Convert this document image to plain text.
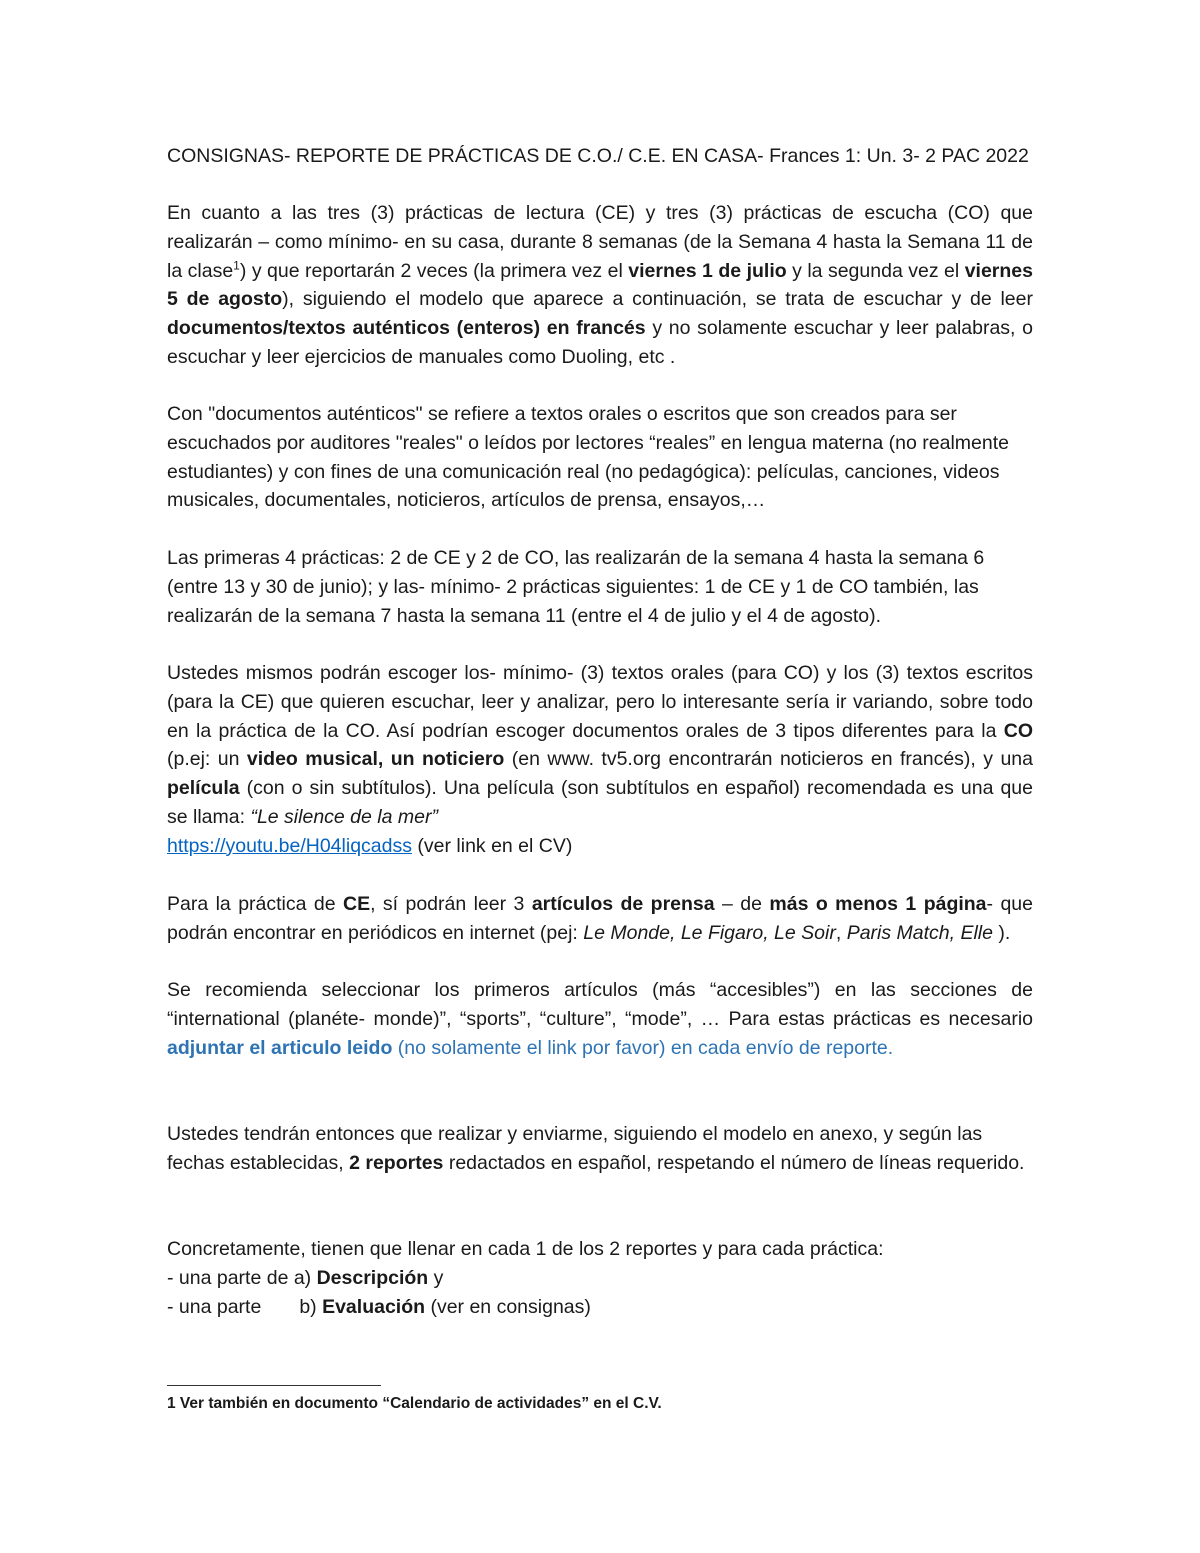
CONSIGNAS- REPORTE DE PRÁCTICAS DE C.O./ C.E. EN CASA- Frances 1: Un. 3- 2 PAC 2022
En cuanto a las tres (3) prácticas de lectura (CE) y tres (3) prácticas de escucha (CO) que realizarán – como mínimo- en su casa, durante 8 semanas (de la Semana 4 hasta la Semana 11 de la clase$^1$) y que reportarán 2 veces (la primera vez el viernes 1 de julio y la segunda vez el viernes 5 de agosto), siguiendo el modelo que aparece a continuación, se trata de escuchar y de leer documentos/textos auténticos (enteros) en francés y no solamente escuchar y leer palabras, o escuchar y leer ejercicios de manuales como Duoling, etc .
Con "documentos auténticos" se refiere a textos orales o escritos que son creados para ser escuchados por auditores "reales" o leídos por lectores “reales” en lengua materna (no realmente estudiantes) y con fines de una comunicación real (no pedagógica): películas, canciones, videos musicales, documentales, noticieros, artículos de prensa, ensayos,…
Las primeras 4 prácticas: 2 de CE y 2 de CO, las realizarán de la semana 4 hasta la semana 6 (entre 13 y 30 de junio); y las- mínimo- 2 prácticas siguientes: 1 de CE y 1 de CO también, las realizarán de la semana 7 hasta la semana 11 (entre el 4 de julio y el 4 de agosto).
Ustedes mismos podrán escoger los- mínimo- (3) textos orales (para CO) y los (3) textos escritos (para la CE) que quieren escuchar, leer y analizar, pero lo interesante sería ir variando, sobre todo en la práctica de la CO. Así podrían escoger documentos orales de 3 tipos diferentes para la CO (p.ej: un video musical, un noticiero (en www. tv5.org encontrarán noticieros en francés), y una película (con o sin subtítulos). Una película (son subtítulos en español) recomendada es una que se llama: “Le silence de la mer”
https://youtu.be/H04liqcadss (ver link en el CV)
Para la práctica de CE, sí podrán leer 3 artículos de prensa – de más o menos 1 página- que podrán encontrar en periódicos en internet (pej: Le Monde, Le Figaro, Le Soir, Paris Match, Elle ).
Se recomienda seleccionar los primeros artículos (más “accesibles”) en las secciones de “international (planéte- monde)”, “sports”, “culture”, “mode”, … Para estas prácticas es necesario adjuntar el articulo leido (no solamente el link por favor) en cada envío de reporte.
Ustedes tendrán entonces que realizar y enviarme, siguiendo el modelo en anexo, y según las fechas establecidas, 2 reportes redactados en español, respetando el número de líneas requerido.
Concretamente, tienen que llenar en cada 1 de los 2 reportes y para cada práctica:
- una parte de a) Descripción y
- una parte b) Evaluación (ver en consignas)
1 Ver también en documento “Calendario de actividades” en el C.V.
